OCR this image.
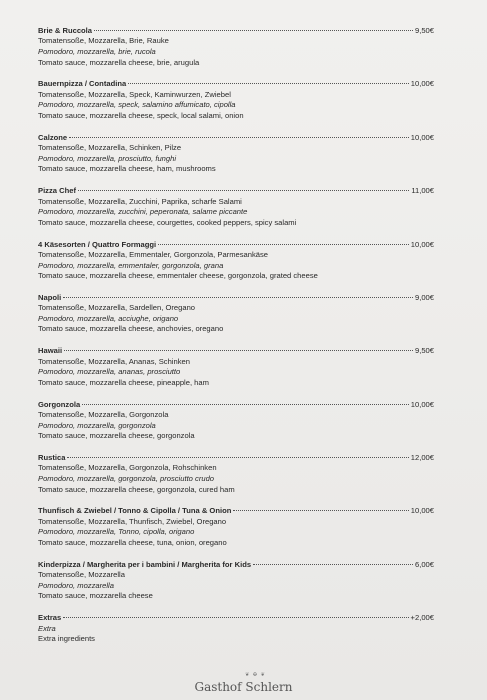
Brie & Ruccola	9,50€
Tomatensoße, Mozzarella, Brie, Rauke
Pomodoro, mozzarella, brie, rucola
Tomato sauce, mozzarella cheese, brie, arugula
Bauernpizza / Contadina	10,00€
Tomatensoße, Mozzarella, Speck, Kaminwurzen, Zwiebel
Pomodoro, mozzarella, speck, salamino affumicato, cipolla
Tomato sauce, mozzarella cheese, speck, local salami, onion
Calzone	10,00€
Tomatensoße, Mozzarella, Schinken, Pilze
Pomodoro, mozzarella, prosciutto, funghi
Tomato sauce, mozzarella cheese, ham, mushrooms
Pizza Chef	11,00€
Tomatensoße, Mozzarella, Zucchini, Paprika, scharfe Salami
Pomodoro, mozzarella, zucchini, peperonata, salame piccante
Tomato sauce, mozzarella cheese, courgettes, cooked peppers, spicy salami
4 Käsesorten / Quattro Formaggi	10,00€
Tomatensoße, Mozzarella, Emmentaler, Gorgonzola, Parmesankäse
Pomodoro, mozzarella, emmentaler, gorgonzola, grana
Tomato sauce, mozzarella cheese, emmentaler cheese, gorgonzola, grated cheese
Napoli	9,00€
Tomatensoße, Mozzarella, Sardellen, Oregano
Pomodoro, mozzarella, acciughe, origano
Tomato sauce, mozzarella cheese, anchovies, oregano
Hawaii	9,50€
Tomatensoße, Mozzarella, Ananas, Schinken
Pomodoro, mozzarella, ananas, prosciutto
Tomato sauce, mozzarella cheese, pineapple, ham
Gorgonzola	10,00€
Tomatensoße, Mozzarella, Gorgonzola
Pomodoro, mozzarella, gorgonzola
Tomato sauce, mozzarella cheese, gorgonzola
Rustica	12,00€
Tomatensoße, Mozzarella, Gorgonzola, Rohschinken
Pomodoro, mozzarella, gorgonzola, prosciutto crudo
Tomato sauce, mozzarella cheese, gorgonzola, cured ham
Thunfisch & Zwiebel / Tonno & Cipolla / Tuna & Onion	10,00€
Tomatensoße, Mozzarella, Thunfisch, Zwiebel, Oregano
Pomodoro, mozzarella, Tonno, cipolla, origano
Tomato sauce, mozzarella cheese, tuna, onion, oregano
Kinderpizza / Margherita per i bambini / Margherita for Kids	6,00€
Tomatensoße, Mozzarella
Pomodoro, mozzarella
Tomato sauce, mozzarella cheese
Extras	+2,00€
Extra
Extra ingredients
❦ ✠ ❦
Gasthof Schlern
